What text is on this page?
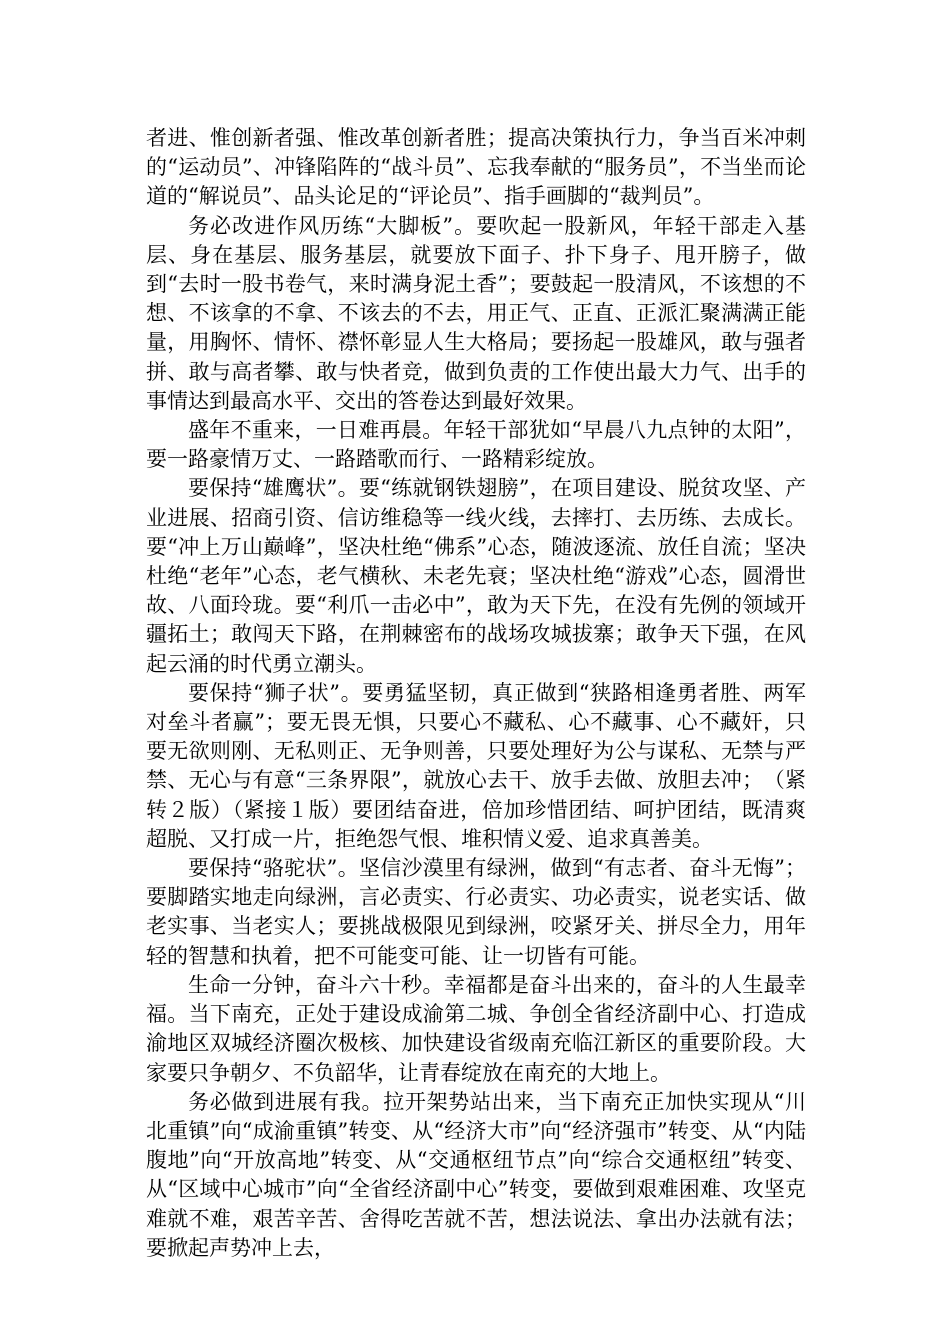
者进、惟创新者强、惟改革创新者胜；提高决策执行力，争当百米冲刺的“运动员”、冲锋陷阵的“战斗员”、忘我奉献的“服务员”，不当坐而论道的“解说员”、品头论足的“评论员”、指手画脚的“裁判员”。

务必改进作风历练“大脚板”。要吹起一股新风，年轻干部走入基层、身在基层、服务基层，就要放下面子、扑下身子、甩开膀子，做到“去时一股书卷气，来时满身泥土香”；要鼓起一股清风，不该想的不想、不该拿的不拿、不该去的不去，用正气、正直、正派汇聚满满正能量，用胸怀、情怀、襟怀彰显人生大格局；要扬起一股雄风，敢与强者拼、敢与高者攀、敢与快者竞，做到负责的工作使出最大力气、出手的事情达到最高水平、交出的答卷达到最好效果。

盛年不重来，一日难再晨。年轻干部犹如“早晨八九点钟的太阳”，要一路豪情万丈、一路踏歌而行、一路精彩绽放。

要保持“雄鹰状”。要“练就钢铁翅膀”，在项目建设、脱贫攻坚、产业进展、招商引资、信访维稳等一线火线，去摔打、去历练、去成长。要“冲上万山巅峰”，坚决杜绝“佛系”心态，随波逐流、放任自流；坚决杜绝“老年”心态，老气横秋、未老先衰；坚决杜绝“游戏”心态，圆滑世故、八面玲珑。要“利爪一击必中”，敢为天下先，在没有先例的领域开疆拓土；敢闯天下路，在荆棘密布的战场攻城拔寨；敢争天下强，在风起云涌的时代勇立潮头。

要保持“狮子状”。要勇猛坚韧，真正做到“狭路相逢勇者胜、两军对垒斗者赢”；要无畏无惧，只要心不藏私、心不藏事、心不藏奸，只要无欲则刚、无私则正、无争则善，只要处理好为公与谋私、无禁与严禁、无心与有意“三条界限”，就放心去干、放手去做、放胆去冲；　（紧转２版）（紧接１版）要团结奋进，倍加珍惜团结、呵护团结，既清爽超脱、又打成一片，拒绝怨气恨、堆积情义爱、追求真善美。

要保持“骆驼状”。坚信沙漠里有绿洲，做到“有志者、奋斗无悔”；要脚踏实地走向绿洲，言必责实、行必责实、功必责实，说老实话、做老实事、当老实人；要挑战极限见到绿洲，咬紧牙关、拼尽全力，用年轻的智慧和执着，把不可能变可能、让一切皆有可能。

生命一分钟，奋斗六十秒。幸福都是奋斗出来的，奋斗的人生最幸福。当下南充，正处于建设成渝第二城、争创全省经济副中心、打造成渝地区双城经济圈次极核、加快建设省级南充临江新区的重要阶段。大家要只争朝夕、不负韶华，让青春绽放在南充的大地上。

务必做到进展有我。拉开架势站出来，当下南充正加快实现从“川北重镇”向“成渝重镇”转变、从“经济大市”向“经济强市”转变、从“内陆腹地”向“开放高地”转变、从“交通枢纽节点”向“综合交通枢纽”转变、从“区域中心城市”向“全省经济副中心”转变，要做到艰难困难、攻坚克难就不难，艰苦辛苦、舍得吃苦就不苦，想法说法、拿出办法就有法；要掀起声势冲上去，
